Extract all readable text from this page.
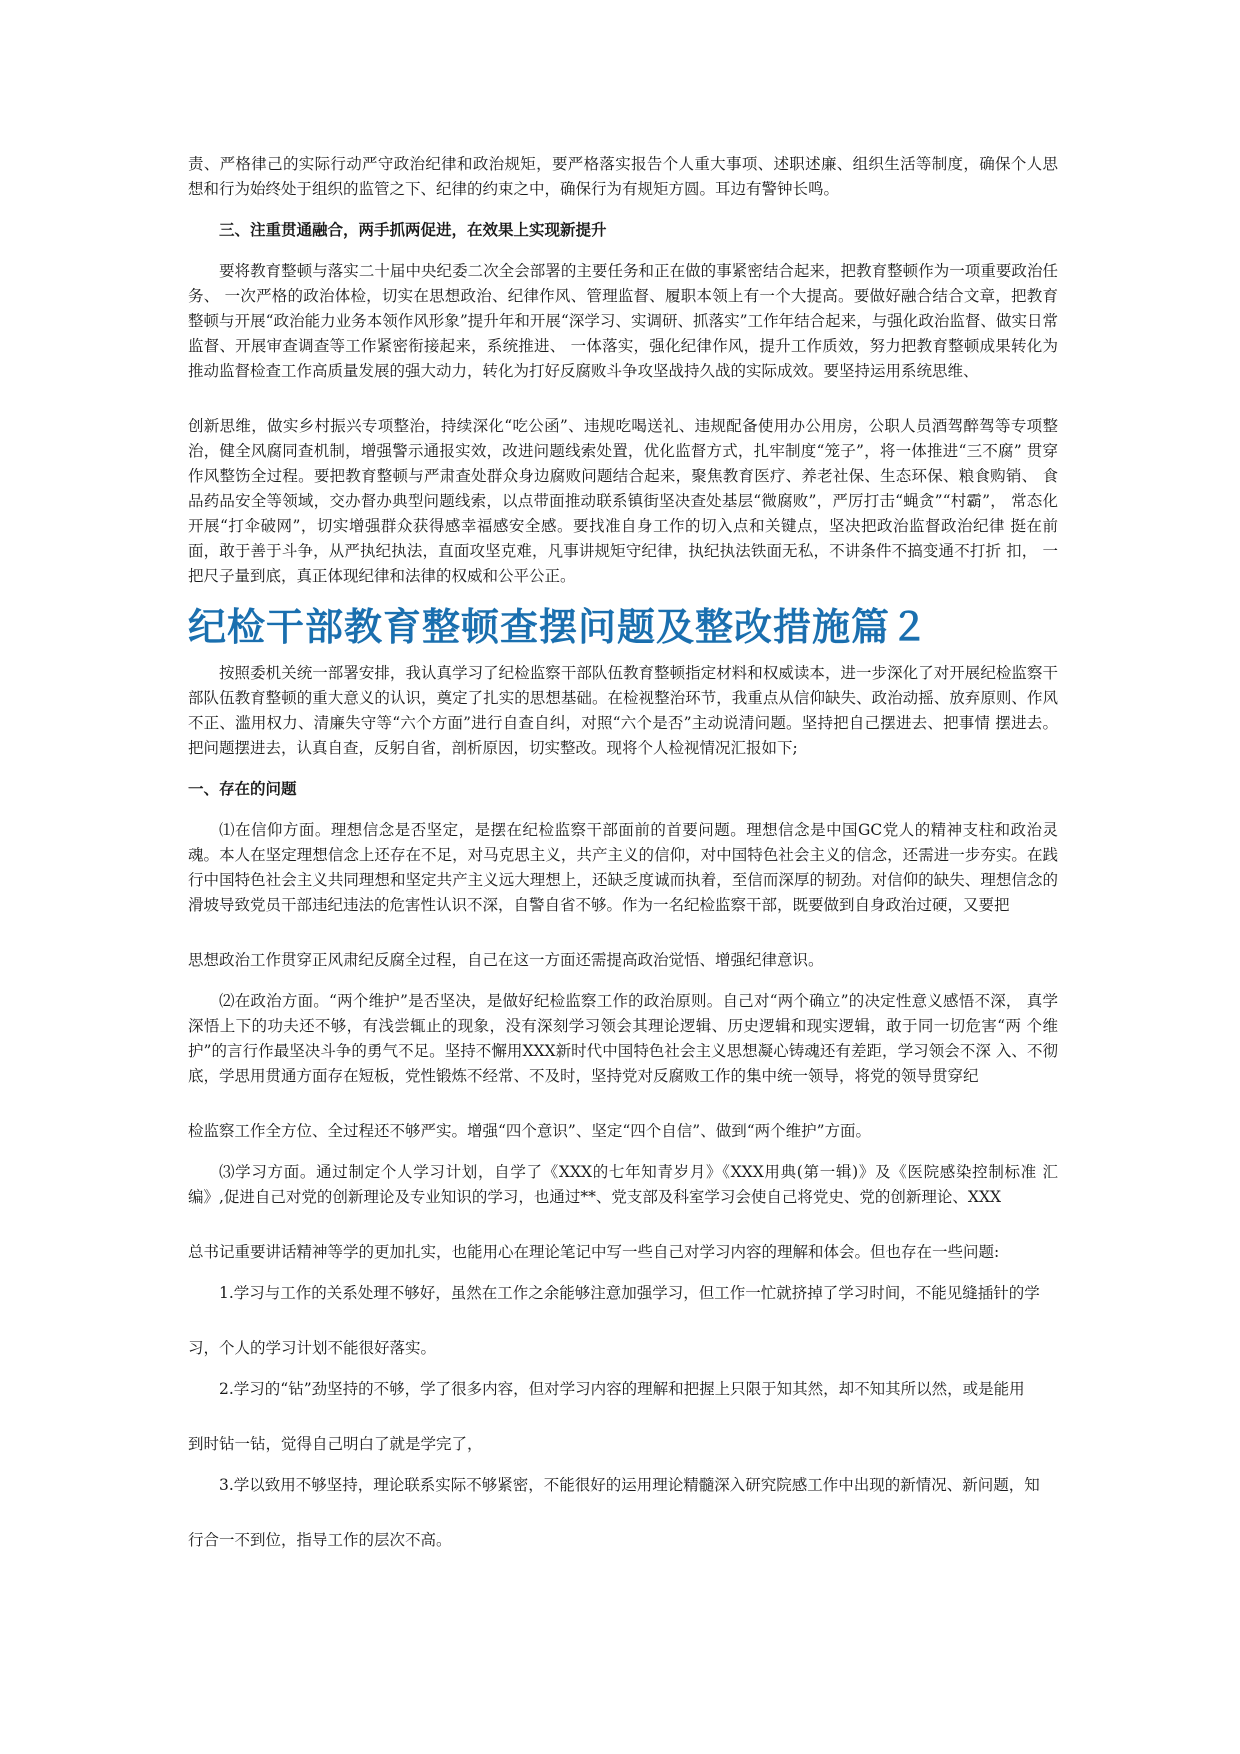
责、严格律己的实际行动严守政治纪律和政治规矩，要严格落实报告个人重大事项、述职述廉、组织生活等制度，确保个人思 想和行为始终处于组织的监管之下、纪律的约束之中，确保行为有规矩方圆。耳边有警钟长鸣。

三、注重贯通融合，两手抓两促进，在效果上实现新提升

要将教育整顿与落实二十届中央纪委二次全会部署的主要任务和正在做的事紧密结合起来，把教育整顿作为一项重要政治任务、 一次严格的政治体检，切实在思想政治、纪律作风、管理监督、履职本领上有一个大提高。要做好融合结合文章，把教育整顿与开展“政治能力业务本领作风形象”提升年和开展“深学习、实调研、抓落实”工作年结合起来，与强化政治监督、做实日常监督、开展审查调查等工作紧密衔接起来，系统推进、 一体落实，强化纪律作风，提升工作质效，努力把教育整顿成果转化为推动监督检查工作高质量发展的强大动力，转化为打好反腐败斗争攻坚战持久战的实际成效。要坚持运用系统思维、

创新思维，做实乡村振兴专项整治，持续深化“吃公函”、违规吃喝送礼、违规配备使用办公用房，公职人员酒驾醉驾等专项整治，健全风腐同查机制，增强警示通报实效，改进问题线索处置，优化监督方式，扎牢制度“笼子”，将一体推进“三不腐” 贯穿作风整饬全过程。要把教育整顿与严肃查处群众身边腐败问题结合起来，聚焦教育医疗、养老社保、生态环保、粮食购销、 食品药品安全等领域，交办督办典型问题线索，以点带面推动联系镇街坚决查处基层“微腐败”，严厉打击“蝇贪”“村霸”， 常态化开展“打伞破网”，切实增强群众获得感幸福感安全感。要找准自身工作的切入点和关键点，坚决把政治监督政治纪律 挺在前面，敢于善于斗争，从严执纪执法，直面攻坚克难，凡事讲规矩守纪律，执纪执法铁面无私，不讲条件不搞变通不打折 扣， 一把尺子量到底，真正体现纪律和法律的权威和公平公正。

纪检干部教育整顿查摆问题及整改措施篇２

按照委机关统一部署安排，我认真学习了纪检监察干部队伍教育整顿指定材料和权威读本，进一步深化了对开展纪检监察干部队伍教育整顿的重大意义的认识，奠定了扎实的思想基础。在检视整治环节，我重点从信仰缺失、政治动摇、放弃原则、作风不正、滥用权力、清廉失守等“六个方面”进行自查自纠，对照“六个是否”主动说清问题。坚持把自己摆进去、把事情 摆进去。把问题摆进去，认真自查，反躬自省，剖析原因，切实整改。现将个人检视情况汇报如下;

一、存在的问题

⑴在信仰方面。理想信念是否坚定，是摆在纪检监察干部面前的首要问题。理想信念是中国GC党人的精神支柱和政治灵魂。本人在坚定理想信念上还存在不足，对马克思主义，共产主义的信仰，对中国特色社会主义的信念，还需进一步夯实。在践行中国特色社会主义共同理想和坚定共产主义远大理想上，还缺乏度诚而执着，至信而深厚的韧劲。对信仰的缺失、理想信念的滑坡导致党员干部违纪违法的危害性认识不深，自警自省不够。作为一名纪检监察干部，既要做到自身政治过硬，又要把

思想政治工作贯穿正风肃纪反腐全过程，自己在这一方面还需提高政治觉悟、增强纪律意识。

⑵在政治方面。“两个维护”是否坚决，是做好纪检监察工作的政治原则。自己对“两个确立”的决定性意义感悟不深， 真学深悟上下的功夫还不够，有浅尝辄止的现象，没有深刻学习领会其理论逻辑、历史逻辑和现实逻辑，敢于同一切危害“两 个维护”的言行作最坚决斗争的勇气不足。坚持不懈用XXX新时代中国特色社会主义思想凝心铸魂还有差距，学习领会不深 入、不彻底，学思用贯通方面存在短板，党性锻炼不经常、不及时，坚持党对反腐败工作的集中统一领导，将党的领导贯穿纪

检监察工作全方位、全过程还不够严实。增强“四个意识”、坚定“四个自信”、做到“两个维护”方面。

⑶学习方面。通过制定个人学习计划，自学了《XXX的七年知青岁月》《XXX用典(第一辑)》及《医院感染控制标准 汇编》,促进自己对党的创新理论及专业知识的学习，也通过**、党支部及科室学习会使自己将党史、党的创新理论、XXX

总书记重要讲话精神等学的更加扎实，也能用心在理论笔记中写一些自己对学习内容的理解和体会。但也存在一些问题:

1.学习与工作的关系处理不够好，虽然在工作之余能够注意加强学习，但工作一忙就挤掉了学习时间，不能见缝插针的学

习，个人的学习计划不能很好落实。

2.学习的“钻”劲坚持的不够，学了很多内容，但对学习内容的理解和把握上只限于知其然，却不知其所以然，或是能用

到时钻一钻，觉得自己明白了就是学完了，

3.学以致用不够坚持，理论联系实际不够紧密，不能很好的运用理论精髓深入研究院感工作中出现的新情况、新问题，知

行合一不到位，指导工作的层次不高。
